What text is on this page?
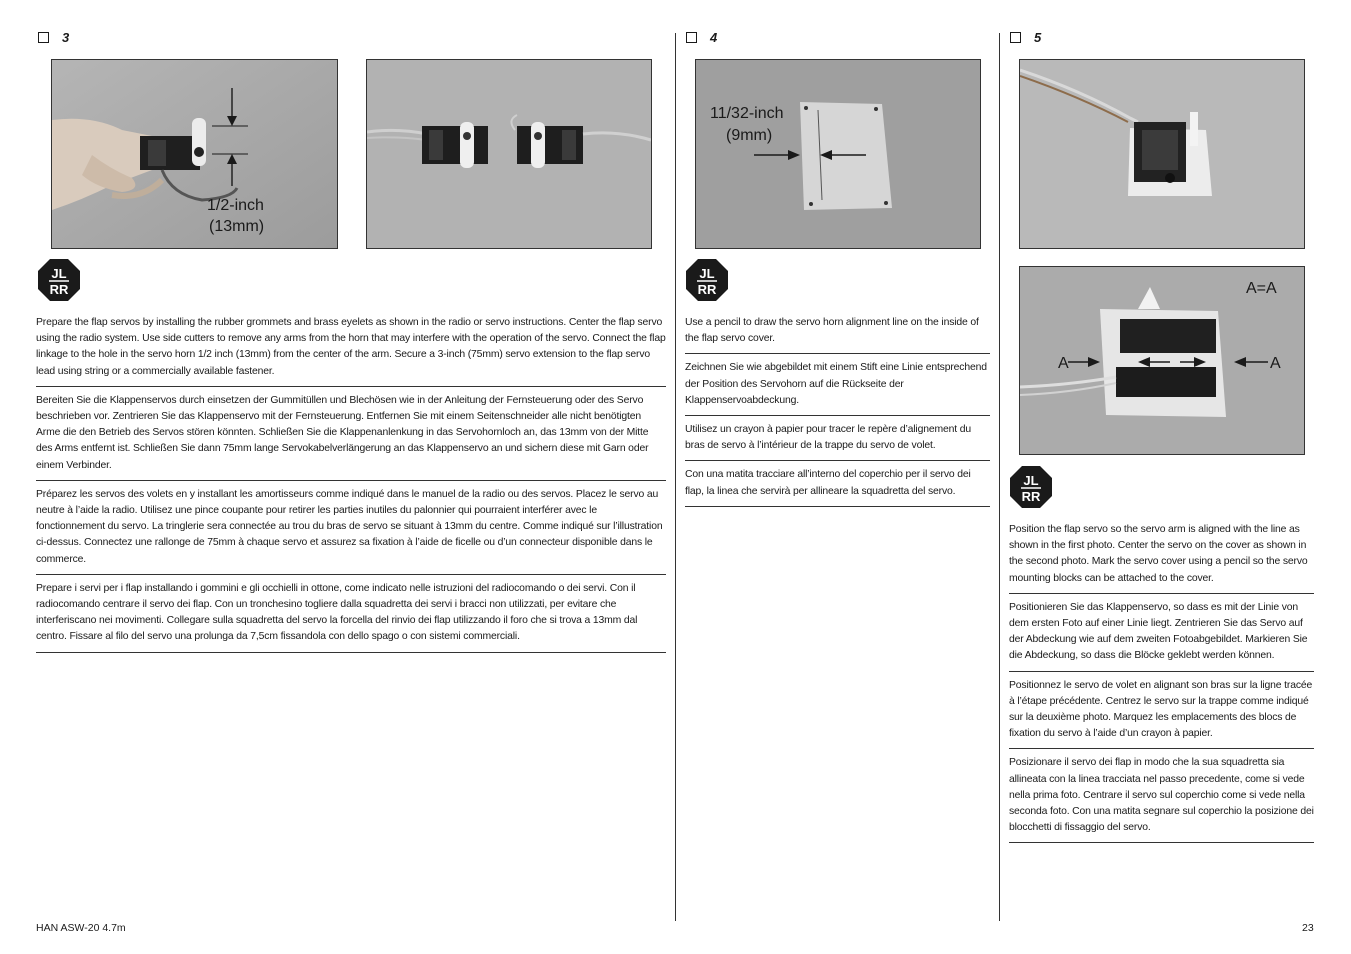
3	4	5
1/2-inch
(13mm)
11/32-inch
(9mm)
A	A
A=A
JL
RR
JL
RR
JL
RR
Prepare the flap servos by installing the rubber grommets and brass eyelets as shown in the radio or servo instructions. Center the flap servo using the radio system. Use side cutters to remove any arms from the horn that may interfere with the operation of the servo. Connect the flap linkage to the hole in the servo horn 1/2 inch (13mm) from the center of the arm. Secure a 3-inch (75mm) servo extension to the flap servo lead using string or a commercially available fastener.
Bereiten Sie die Klappenservos durch einsetzen der Gummitüllen und Blechösen wie in der Anleitung der Fernsteuerung oder des Servo beschrieben vor. Zentrieren Sie das Klappenservo mit der Fernsteuerung. Entfernen Sie mit einem Seitenschneider alle nicht benötigten Arme die den Betrieb des Servos stören könnten. Schließen Sie die Klappenanlenkung in das Servohornloch an, das 13mm von der Mitte des Arms entfernt ist. Schließen Sie dann 75mm lange Servokabelverlängerung an das Klappenservo an und sichern diese mit Garn oder einem Verbinder.
Préparez les servos des volets en y installant les amortisseurs comme indiqué dans le manuel de la radio ou des servos. Placez le servo au neutre à l’aide la radio. Utilisez une pince coupante pour retirer les parties inutiles du palonnier qui pourraient interférer avec le fonctionnement du servo. La tringlerie sera connectée au trou du bras de servo se situant à 13mm du centre. Comme indiqué sur l’illustration ci-dessus. Connectez une rallonge de 75mm à chaque servo et assurez sa fixation à l’aide de ficelle ou d’un connecteur disponible dans le commerce.
Prepare i servi per i flap installando i gommini e gli occhielli in ottone, come indicato nelle istruzioni del radiocomando o dei servi. Con il radiocomando centrare il servo dei flap. Con un tronchesino togliere dalla squadretta dei servi i bracci non utilizzati, per evitare che interferiscano nei movimenti. Collegare sulla squadretta del servo la forcella del rinvio dei flap utilizzando il foro che si trova a 13mm dal centro. Fissare al filo del servo una prolunga da 7,5cm fissandola con dello spago o con sistemi commerciali.
Use a pencil to draw the servo horn alignment line on the inside of the flap servo cover.
Zeichnen Sie wie abgebildet mit einem Stift eine Linie entsprechend der Position des Servohorn auf die Rückseite der Klappenservoabdeckung.
Utilisez un crayon à papier pour tracer le repère d’alignement du bras de servo à l’intérieur de la trappe du servo de volet.
Con una matita tracciare all’interno del coperchio per il servo dei flap, la linea che servirà per allineare la squadretta del servo.
Position the flap servo so the servo arm is aligned with the line as shown in the first photo. Center the servo on the cover as shown in the second photo. Mark the servo cover using a pencil so the servo mounting blocks can be attached to the cover.
Positionieren Sie das Klappenservo, so dass es mit der Linie von dem ersten Foto auf einer Linie liegt. Zentrieren Sie das Servo auf der Abdeckung wie auf dem zweiten Fotoabgebildet. Markieren Sie die Abdeckung, so dass die Blöcke geklebt werden können.
Positionnez le servo de volet en alignant son bras sur la ligne tracée à l’étape précédente. Centrez le servo sur la trappe comme indiqué sur la deuxième photo. Marquez les emplacements des blocs de fixation du servo à l’aide d’un crayon à papier.
Posizionare il servo dei flap in modo che la sua squadretta sia allineata con la linea tracciata nel passo precedente, come si vede nella prima foto. Centrare il servo sul coperchio come si vede nella seconda foto. Con una matita segnare sul coperchio la posizione dei blocchetti di fissaggio del servo.
HAN ASW-20 4.7m	23
